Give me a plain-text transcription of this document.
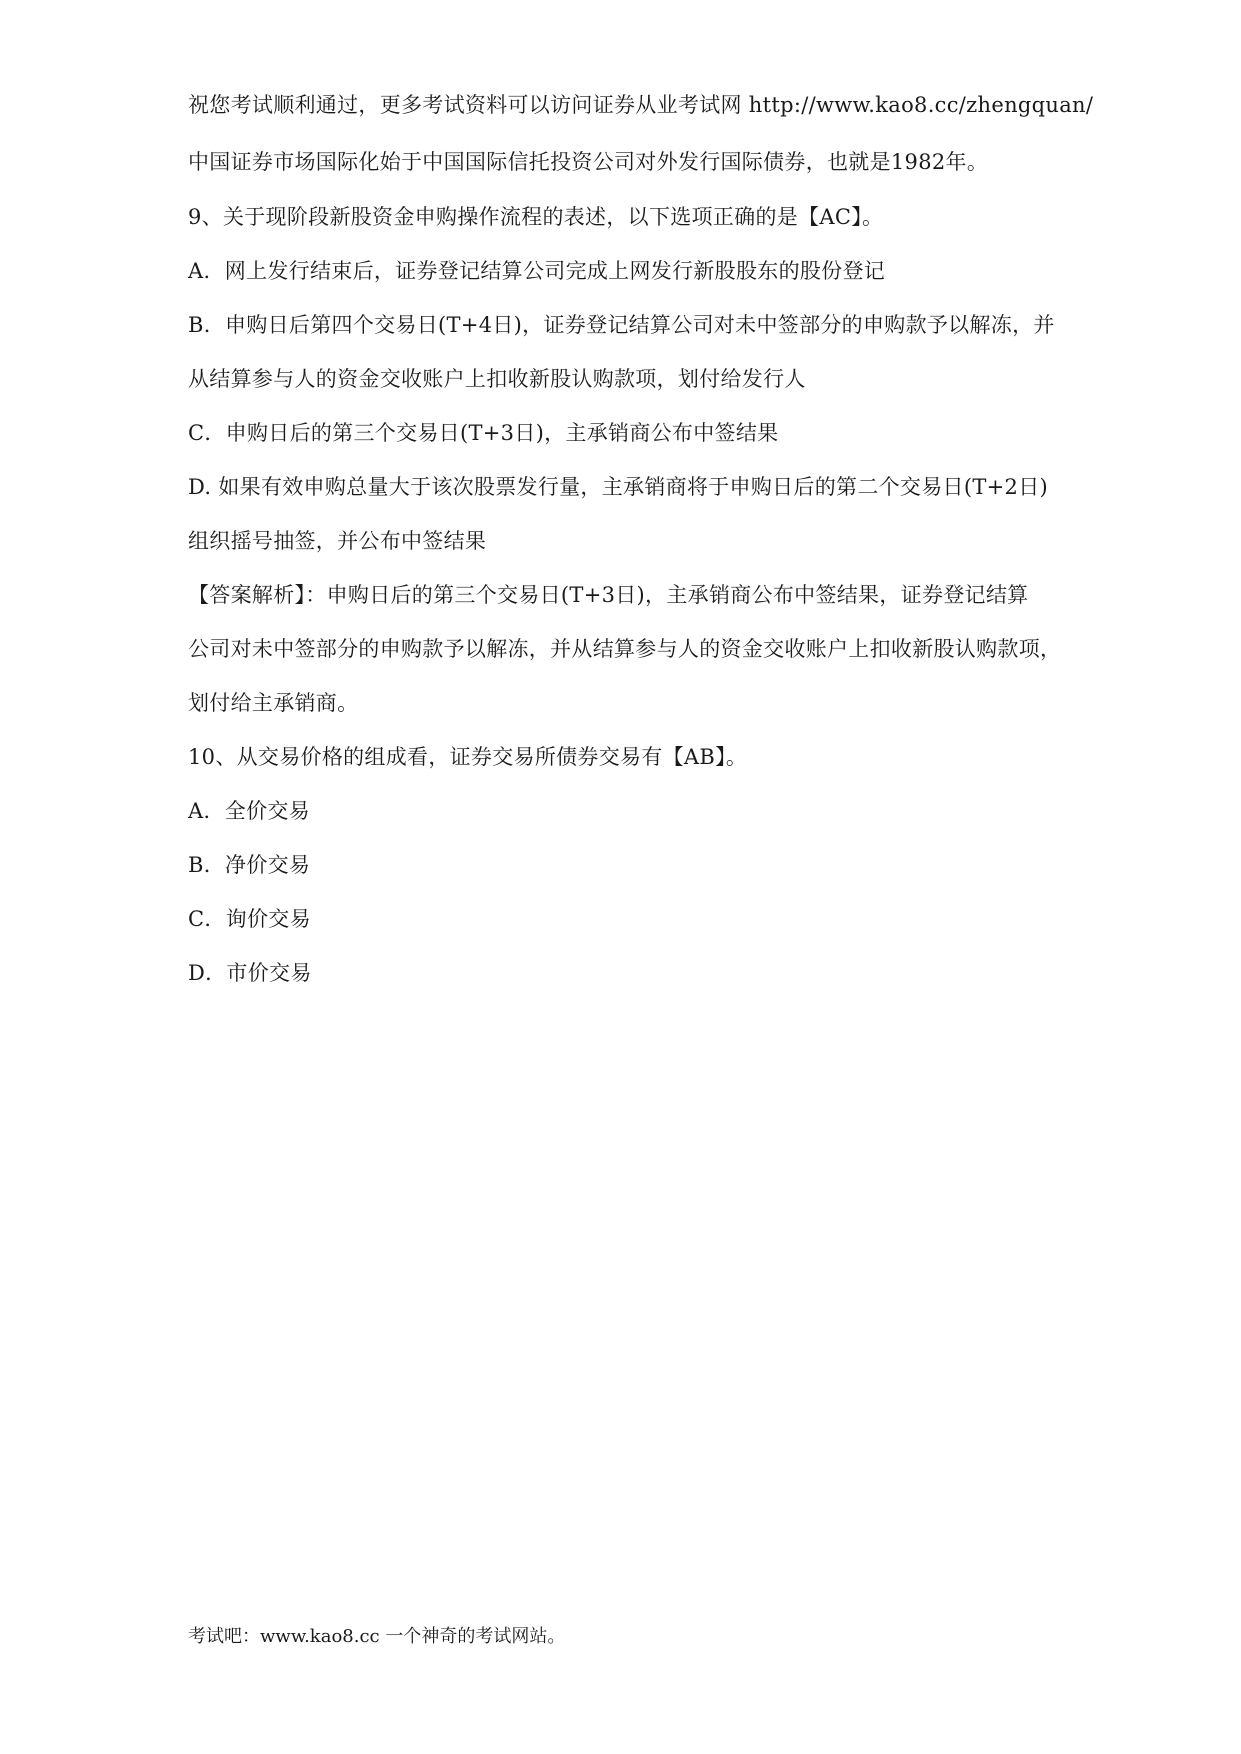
祝您考试顺利通过，更多考试资料可以访问证券从业考试网 http://www.kao8.cc/zhengquan/
中国证券市场国际化始于中国国际信托投资公司对外发行国际债券，也就是1982年。
9、关于现阶段新股资金申购操作流程的表述，以下选项正确的是【AC】。
A．网上发行结束后，证券登记结算公司完成上网发行新股股东的股份登记
B．申购日后第四个交易日(T+4日)，证券登记结算公司对未中签部分的申购款予以解冻，并
从结算参与人的资金交收账户上扣收新股认购款项，划付给发行人
C．申购日后的第三个交易日(T+3日)，主承销商公布中签结果
D. 如果有效申购总量大于该次股票发行量，主承销商将于申购日后的第二个交易日(T+2日)
组织摇号抽签，并公布中签结果
【答案解析】：申购日后的第三个交易日(T+3日)，主承销商公布中签结果，证券登记结算
公司对未中签部分的申购款予以解冻，并从结算参与人的资金交收账户上扣收新股认购款项，
划付给主承销商。
10、从交易价格的组成看，证券交易所债券交易有【AB】。
A．全价交易
B．净价交易
C．询价交易
D．市价交易
考试吧：www.kao8.cc 一个神奇的考试网站。
